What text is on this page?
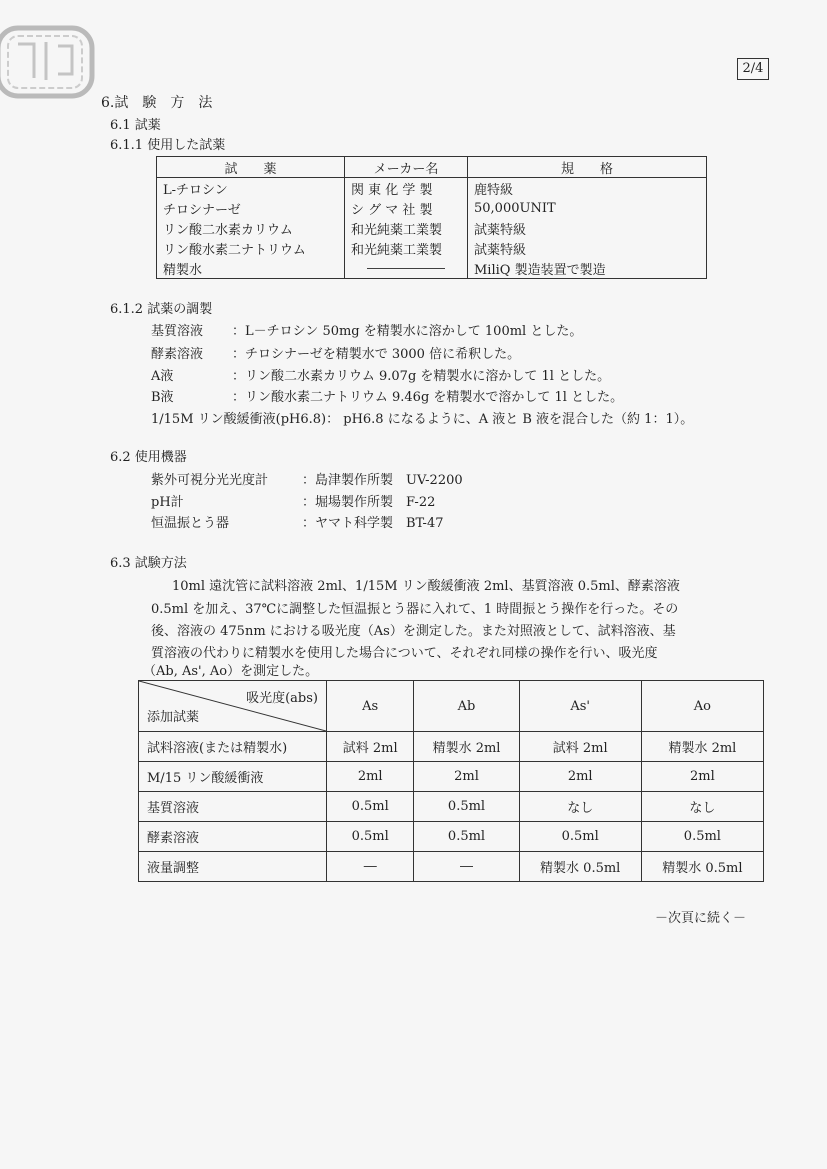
2/4
6.試　験　方　法
6.1 試薬
6.1.1 使用した試薬
試　　薬	メーカー名	規　　格
L-チロシン	関 東 化 学 製	鹿特級
チロシナーゼ	シ グ マ 社 製	50,000UNIT
リン酸二水素カリウム	和光純薬工業製	試薬特級
リン酸水素二ナトリウム	和光純薬工業製	試薬特級
精製水	――――――	MiliQ 製造装置で製造
6.1.2 試薬の調製
基質溶液 ：L－チロシン 50mg を精製水に溶かして 100ml とした。
酵素溶液 ：チロシナーゼを精製水で 3000 倍に希釈した。
A液	：リン酸二水素カリウム 9.07g を精製水に溶かして 1l とした。
B液	：リン酸水素二ナトリウム 9.46g を精製水で溶かして 1l とした。
1/15M リン酸緩衝液(pH6.8)： pH6.8 になるように、A 液と B 液を混合した（約 1：1）。
6.2 使用機器
紫外可視分光光度計	：島津製作所製　UV-2200
pH計	：堀場製作所製　F-22
恒温振とう器	：ヤマト科学製　BT-47
6.3 試験方法
10ml 遠沈管に試料溶液 2ml、1/15M リン酸緩衝液 2ml、基質溶液 0.5ml、酵素溶液
0.5ml を加え、37℃に調整した恒温振とう器に入れて、1 時間振とう操作を行った。その
後、溶液の 475nm における吸光度（As）を測定した。また対照液として、試料溶液、基
質溶液の代わりに精製水を使用した場合について、それぞれ同様の操作を行い、吸光度
（Ab, As', Ao）を測定した。
吸光度(abs)
添加試薬	As	Ab	As'	Ao
試料溶液(または精製水)	試料 2ml	精製水 2ml	試料 2ml	精製水 2ml
M/15 リン酸緩衝液	2ml	2ml	2ml	2ml
基質溶液	0.5ml	0.5ml	なし	なし
酵素溶液	0.5ml	0.5ml	0.5ml	0.5ml
液量調整	―	―	精製水 0.5ml	精製水 0.5ml
－次頁に続く－
